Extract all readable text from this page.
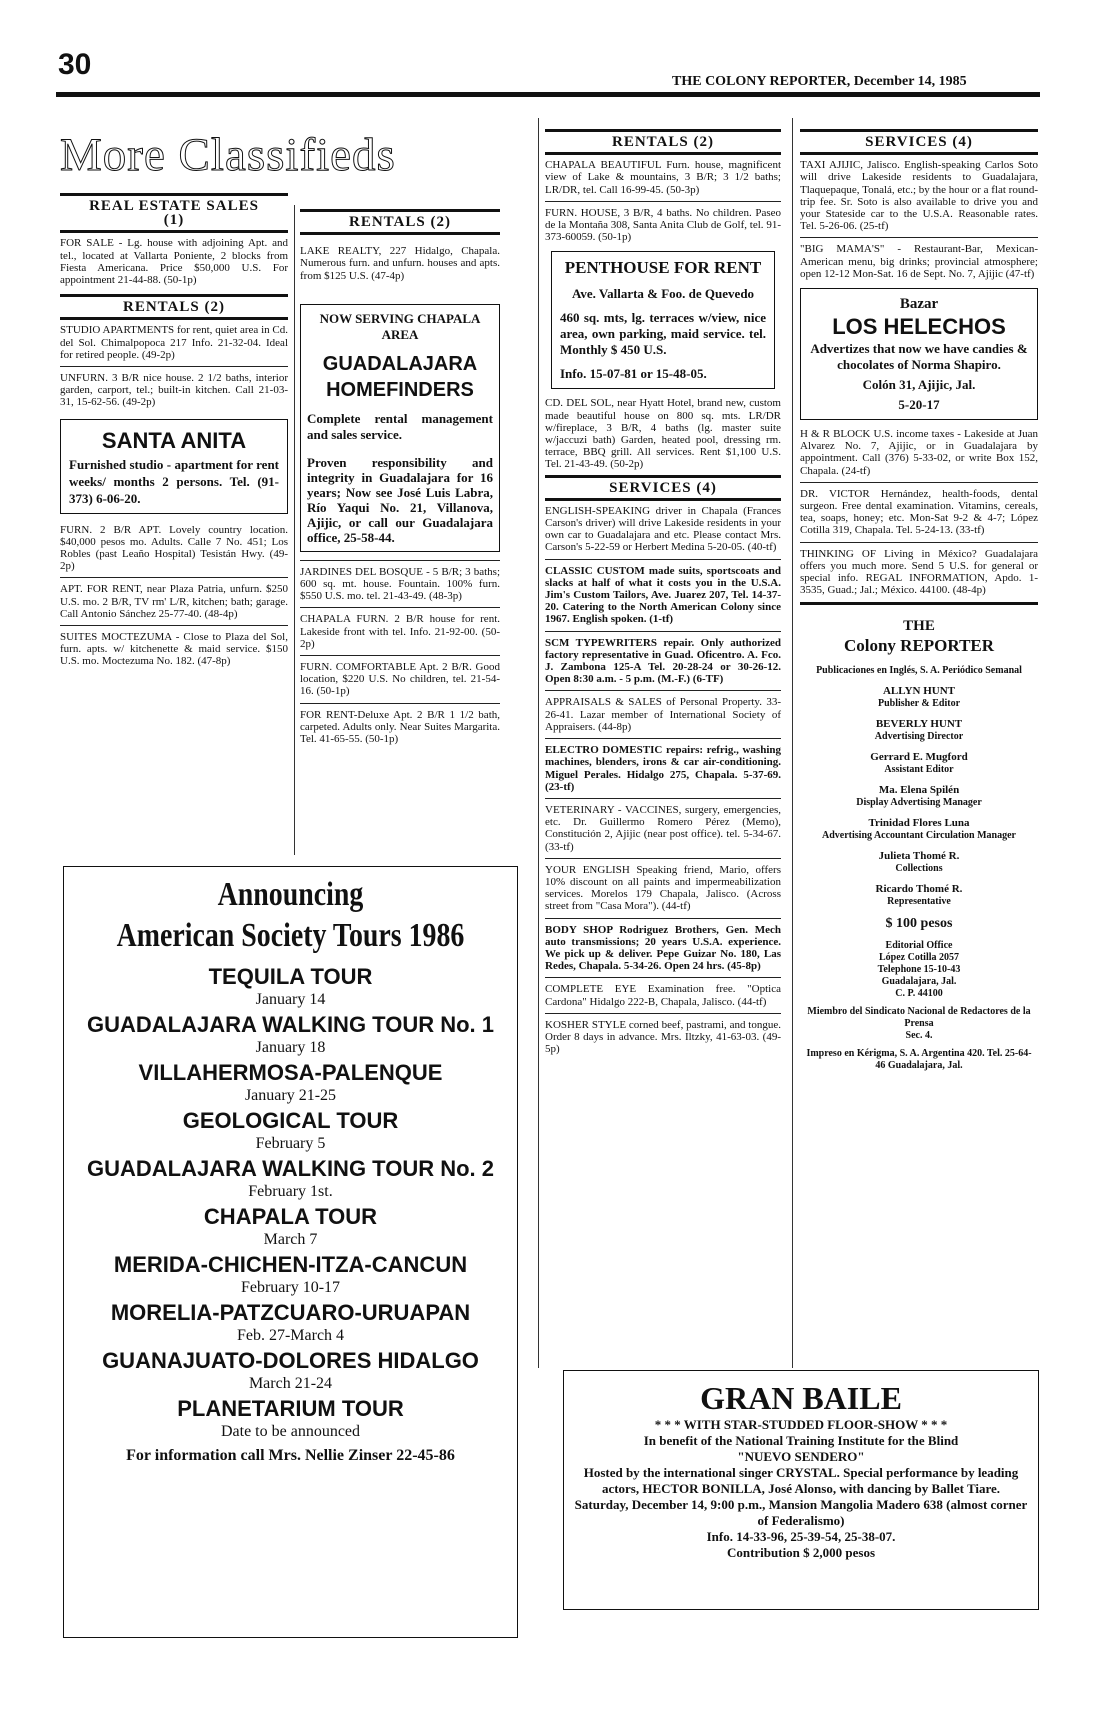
30
THE COLONY REPORTER, December 14, 1985
More Classifieds
REAL ESTATE SALES
(1)

FOR SALE - Lg. house with adjoining Apt. and tel., located at Vallarta Poniente, 2 blocks from Fiesta Americana. Price $50,000 U.S. For appointment 21-44-88. (50-1p)

RENTALS (2)

STUDIO APARTMENTS for rent, quiet area in Cd. del Sol. Chimalpopoca 217 Info. 21-32-04. Ideal for retired people. (49-2p)

UNFURN. 3 B/R nice house. 2 1/2 baths, interior garden, carport, tel.; built-in kitchen. Call 21-03-31, 15-62-56. (49-2p)

SANTA ANITA
Furnished studio - apartment for rent weeks/ months 2 persons. Tel. (91-373) 6-06-20.

FURN. 2 B/R APT. Lovely country location. $40,000 pesos mo. Adults. Calle 7 No. 451; Los Robles (past Leaño Hospital) Tesistán Hwy. (49-2p)

APT. FOR RENT, near Plaza Patria, unfurn. $250 U.S. mo. 2 B/R, TV rm' L/R, kitchen; bath; garage. Call Antonio Sánchez 25-77-40. (48-4p)

SUITES MOCTEZUMA - Close to Plaza del Sol, furn. apts. w/ kitchenette & maid service. $150 U.S. mo. Moctezuma No. 182. (47-8p)

RENTALS (2)

LAKE REALTY, 227 Hidalgo, Chapala. Numerous furn. and unfurn. houses and apts. from $125 U.S. (47-4p)

NOW SERVING CHAPALA AREA
GUADALAJARA HOMEFINDERS
Complete rental management and sales service.
Proven responsibility and integrity in Guadalajara for 16 years; Now see José Luis Labra, Río Yaqui No. 21, Villanova, Ajijic, or call our Guadalajara office, 25-58-44.

JARDINES DEL BOSQUE - 5 B/R; 3 baths; 600 sq. mt. house. Fountain. 100% furn. $550 U.S. mo. tel. 21-43-49. (48-3p)

CHAPALA FURN. 2 B/R house for rent. Lakeside front with tel. Info. 21-92-00. (50-2p)

FURN. COMFORTABLE Apt. 2 B/R. Good location, $220 U.S. No children, tel. 21-54-16. (50-1p)

FOR RENT-Deluxe Apt. 2 B/R 1 1/2 bath, carpeted. Adults only. Near Suites Margarita. Tel. 41-65-55. (50-1p)

RENTALS (2)

CHAPALA BEAUTIFUL Furn. house, magnificent view of Lake & mountains, 3 B/R; 3 1/2 baths; LR/DR, tel. Call 16-99-45. (50-3p)

FURN. HOUSE, 3 B/R, 4 baths. No children. Paseo de la Montaña 308, Santa Anita Club de Golf, tel. 91-373-60059. (50-1p)

PENTHOUSE FOR RENT
Ave. Vallarta & Foo. de Quevedo
460 sq. mts, lg. terraces w/view, nice area, own parking, maid service. tel. Monthly $ 450 U.S.
Info. 15-07-81 or 15-48-05.

CD. DEL SOL, near Hyatt Hotel, brand new, custom made beautiful house on 800 sq. mts. LR/DR w/fireplace, 3 B/R, 4 baths (lg. master suite w/jaccuzi bath) Garden, heated pool, dressing rm. terrace, BBQ grill. All services. Rent $1,100 U.S. Tel. 21-43-49. (50-2p)

SERVICES (4)

ENGLISH-SPEAKING driver in Chapala (Frances Carson's driver) will drive Lakeside residents in your own car to Guadalajara and etc. Please contact Mrs. Carson's 5-22-59 or Herbert Medina 5-20-05. (40-tf)

CLASSIC CUSTOM made suits, sportscoats and slacks at half of what it costs you in the U.S.A. Jim's Custom Tailors, Ave. Juarez 207, Tel. 14-37-20. Catering to the North American Colony since 1967. English spoken. (1-tf)

SCM TYPEWRITERS repair. Only authorized factory representative in Guad. Oficentro. A. Fco. J. Zambona 125-A Tel. 20-28-24 or 30-26-12. Open 8:30 a.m. - 5 p.m. (M.-F.) (6-TF)

APPRAISALS & SALES of Personal Property. 33-26-41. Lazar member of International Society of Appraisers. (44-8p)

ELECTRO DOMESTIC repairs: refrig., washing machines, blenders, irons & car air-conditioning. Miguel Perales. Hidalgo 275, Chapala. 5-37-69. (23-tf)

VETERINARY - VACCINES, surgery, emergencies, etc. Dr. Guillermo Romero Pérez (Memo), Constitución 2, Ajijic (near post office). tel. 5-34-67. (33-tf)

YOUR ENGLISH Speaking friend, Mario, offers 10% discount on all paints and impermeabilization services. Morelos 179 Chapala, Jalisco. (Across street from "Casa Mora"). (44-tf)

BODY SHOP Rodriguez Brothers, Gen. Mech auto transmissions; 20 years U.S.A. experience. We pick up & deliver. Pepe Guizar No. 180, Las Redes, Chapala. 5-34-26. Open 24 hrs. (45-8p)

COMPLETE EYE Examination free. "Optica Cardona" Hidalgo 222-B, Chapala, Jalisco. (44-tf)

KOSHER STYLE corned beef, pastrami, and tongue. Order 8 days in advance. Mrs. Iltzky, 41-63-03. (49-5p)

SERVICES (4)

TAXI AJIJIC, Jalisco. English-speaking Carlos Soto will drive Lakeside residents to Guadalajara, Tlaquepaque, Tonalá, etc.; by the hour or a flat round-trip fee. Sr. Soto is also available to drive you and your Stateside car to the U.S.A. Reasonable rates. Tel. 5-26-06. (25-tf)

"BIG MAMA'S" - Restaurant-Bar, Mexican-American menu, big drinks; provincial atmosphere; open 12-12 Mon-Sat. 16 de Sept. No. 7, Ajijic (47-tf)

Bazar
LOS HELECHOS
Advertizes that now we have candies & chocolates of Norma Shapiro.
Colón 31, Ajijic, Jal.
5-20-17

H & R BLOCK U.S. income taxes - Lakeside at Juan Alvarez No. 7, Ajijic, or in Guadalajara by appointment. Call (376) 5-33-02, or write Box 152, Chapala. (24-tf)

DR. VICTOR Hernández, health-foods, dental surgeon. Free dental examination. Vitamins, cereals, tea, soaps, honey; etc. Mon-Sat 9-2 & 4-7; López Cotilla 319, Chapala. Tel. 5-24-13. (33-tf)

THINKING OF Living in México? Guadalajara offers you much more. Send 5 U.S. for general or special info. REGAL INFORMATION, Apdo. 1-3535, Guad.; Jal.; México. 44100. (48-4p)

THE
Colony REPORTER

Publicaciones en Inglés, S. A. Periódico Semanal

ALLYN HUNT
Publisher & Editor

BEVERLY HUNT
Advertising Director

Gerrard E. Mugford
Assistant Editor

Ma. Elena Spilén
Display Advertising Manager

Trinidad Flores Luna
Advertising Accountant Circulation Manager

Julieta Thomé R.
Collections

Ricardo Thomé R.
Representative

$ 100 pesos

Editorial Office
López Cotilla 2057
Telephone 15-10-43
Guadalajara, Jal.
C. P. 44100

Miembro del Sindicato Nacional de Redactores de la Prensa
Sec. 4.

Impreso en Kérigma, S. A. Argentina 420. Tel. 25-64-46 Guadalajara, Jal.

Announcing
American Society Tours 1986
TEQUILA TOUR
January 14
GUADALAJARA WALKING TOUR No. 1
January 18
VILLAHERMOSA-PALENQUE
January 21-25
GEOLOGICAL TOUR
February 5
GUADALAJARA WALKING TOUR No. 2
February 1st.
CHAPALA TOUR
March 7
MERIDA-CHICHEN-ITZA-CANCUN
February 10-17
MORELIA-PATZCUARO-URUAPAN
Feb. 27-March 4
GUANAJUATO-DOLORES HIDALGO
March 21-24
PLANETARIUM TOUR
Date to be announced
For information call Mrs. Nellie Zinser 22-45-86
GRAN BAILE
* * * WITH STAR-STUDDED FLOOR-SHOW * * *
In benefit of the National Training Institute for the Blind
"NUEVO SENDERO"
Hosted by the international singer CRYSTAL. Special performance by leading actors, HECTOR BONILLA, José Alonso, with dancing by Ballet Tiare.
Saturday, December 14, 9:00 p.m., Mansion Mangolia Madero 638 (almost corner of Federalismo)
Info. 14-33-96, 25-39-54, 25-38-07.
Contribution $ 2,000 pesos
